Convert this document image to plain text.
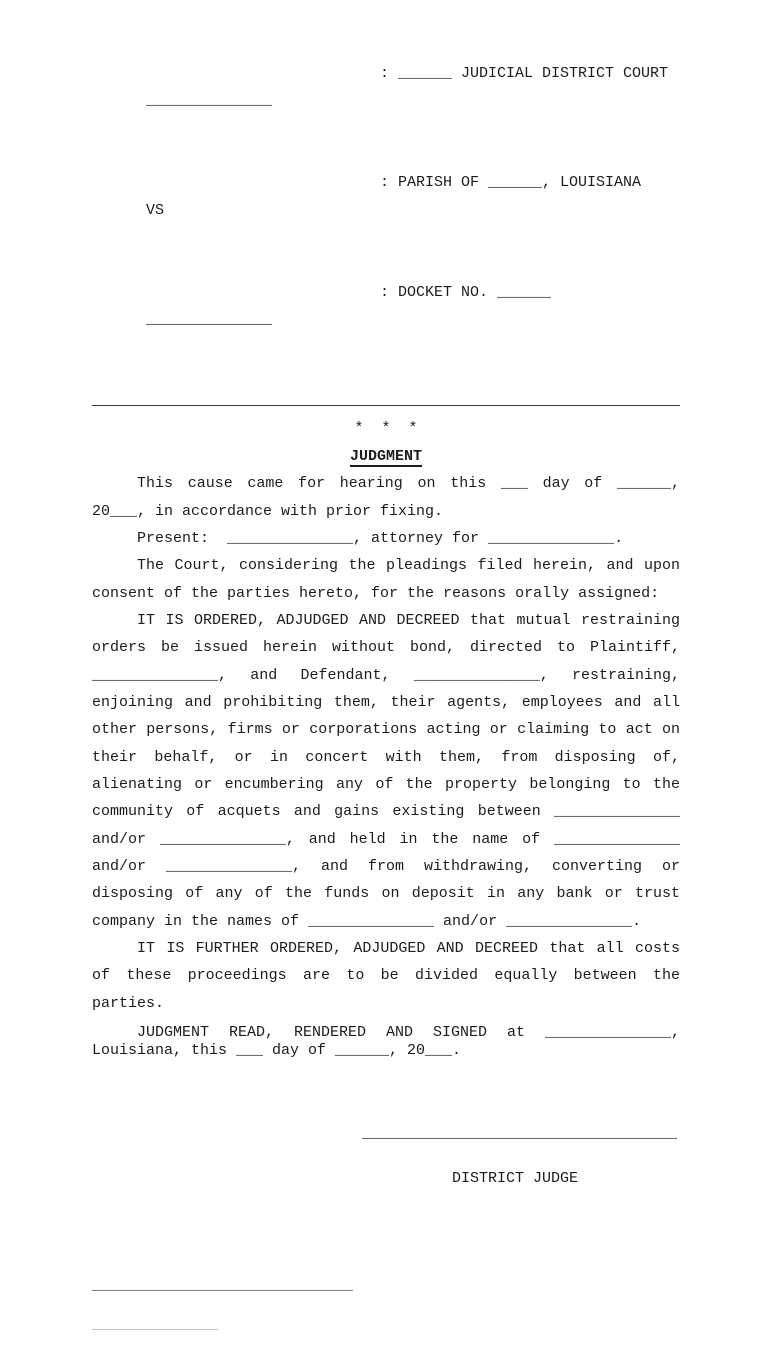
______________

: ______ JUDICIAL DISTRICT COURT

VS

: PARISH OF ______, LOUISIANA

______________

: DOCKET NO. ______

*  *  *
JUDGMENT
This cause came for hearing on this ___ day of ______,
20___, in accordance with prior fixing.
Present:  ______________, attorney for ______________.
The Court, considering the pleadings filed herein, and upon
consent of the parties hereto, for the reasons orally assigned:
IT IS ORDERED, ADJUDGED AND DECREED that mutual restraining
orders be issued herein without bond, directed to Plaintiff,
______________, and Defendant, ______________, restraining,
enjoining and prohibiting them, their agents, employees and all
other persons, firms or corporations acting or claiming to act on
their behalf, or in concert with them, from disposing of,
alienating or encumbering any of the property belonging to the
community of acquets and gains existing between ______________
and/or ______________, and held in the name of ______________
and/or ______________, and from withdrawing, converting or
disposing of any of the funds on deposit in any bank or trust
company in the names of ______________ and/or ______________.
IT IS FURTHER ORDERED, ADJUDGED AND DECREED that all costs
of these proceedings are to be divided equally between the
parties.
JUDGMENT READ, RENDERED AND SIGNED at ______________,
Louisiana, this ___ day of ______, 20___.

___________________________________

DISTRICT JUDGE

_____________________________

______________
